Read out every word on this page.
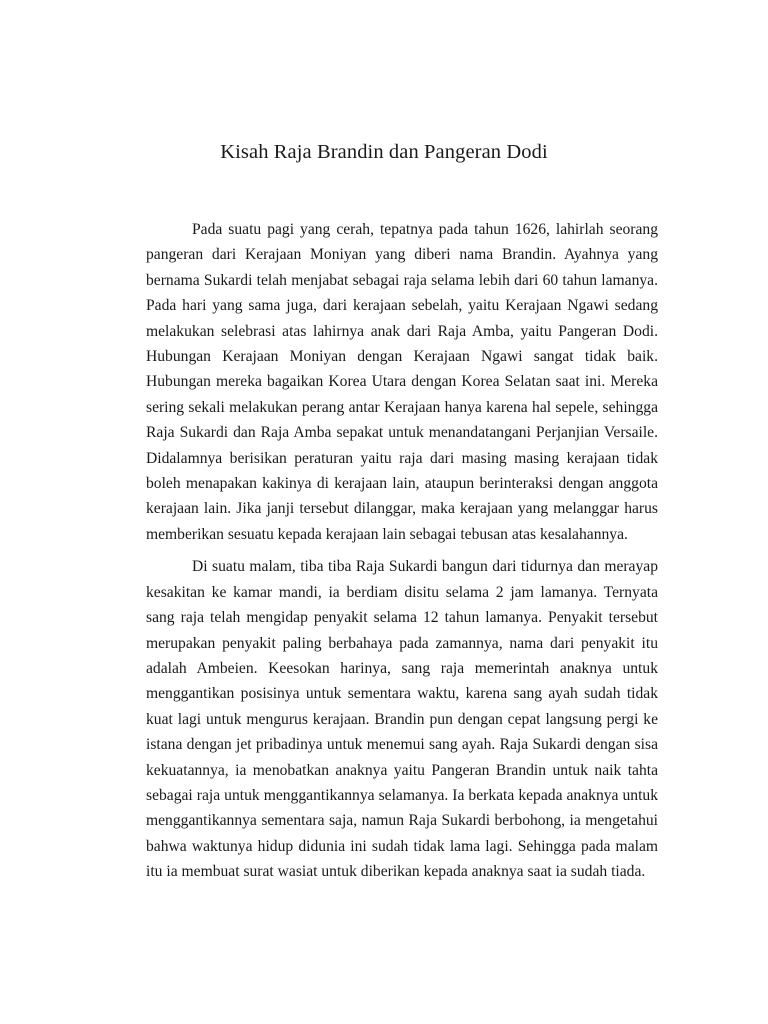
Kisah Raja Brandin dan Pangeran Dodi

Pada suatu pagi yang cerah, tepatnya pada tahun 1626, lahirlah seorang pangeran dari Kerajaan Moniyan yang diberi nama Brandin. Ayahnya yang bernama Sukardi telah menjabat sebagai raja selama lebih dari 60 tahun lamanya. Pada hari yang sama juga, dari kerajaan sebelah, yaitu Kerajaan Ngawi sedang melakukan selebrasi atas lahirnya anak dari Raja Amba, yaitu Pangeran Dodi. Hubungan Kerajaan Moniyan dengan Kerajaan Ngawi sangat tidak baik. Hubungan mereka bagaikan Korea Utara dengan Korea Selatan saat ini. Mereka sering sekali melakukan perang antar Kerajaan hanya karena hal sepele, sehingga Raja Sukardi dan Raja Amba sepakat untuk menandatangani Perjanjian Versaile. Didalamnya berisikan peraturan yaitu raja dari masing masing kerajaan tidak boleh menapakan kakinya di kerajaan lain, ataupun berinteraksi dengan anggota kerajaan lain. Jika janji tersebut dilanggar, maka kerajaan yang melanggar harus memberikan sesuatu kepada kerajaan lain sebagai tebusan atas kesalahannya.

Di suatu malam, tiba tiba Raja Sukardi bangun dari tidurnya dan merayap kesakitan ke kamar mandi, ia berdiam disitu selama 2 jam lamanya. Ternyata sang raja telah mengidap penyakit selama 12 tahun lamanya. Penyakit tersebut merupakan penyakit paling berbahaya pada zamannya, nama dari penyakit itu adalah Ambeien. Keesokan harinya, sang raja memerintah anaknya untuk menggantikan posisinya untuk sementara waktu, karena sang ayah sudah tidak kuat lagi untuk mengurus kerajaan. Brandin pun dengan cepat langsung pergi ke istana dengan jet pribadinya untuk menemui sang ayah. Raja Sukardi dengan sisa kekuatannya, ia menobatkan anaknya yaitu Pangeran Brandin untuk naik tahta sebagai raja untuk menggantikannya selamanya. Ia berkata kepada anaknya untuk menggantikannya sementara saja, namun Raja Sukardi berbohong, ia mengetahui bahwa waktunya hidup didunia ini sudah tidak lama lagi. Sehingga pada malam itu ia membuat surat wasiat untuk diberikan kepada anaknya saat ia sudah tiada.
